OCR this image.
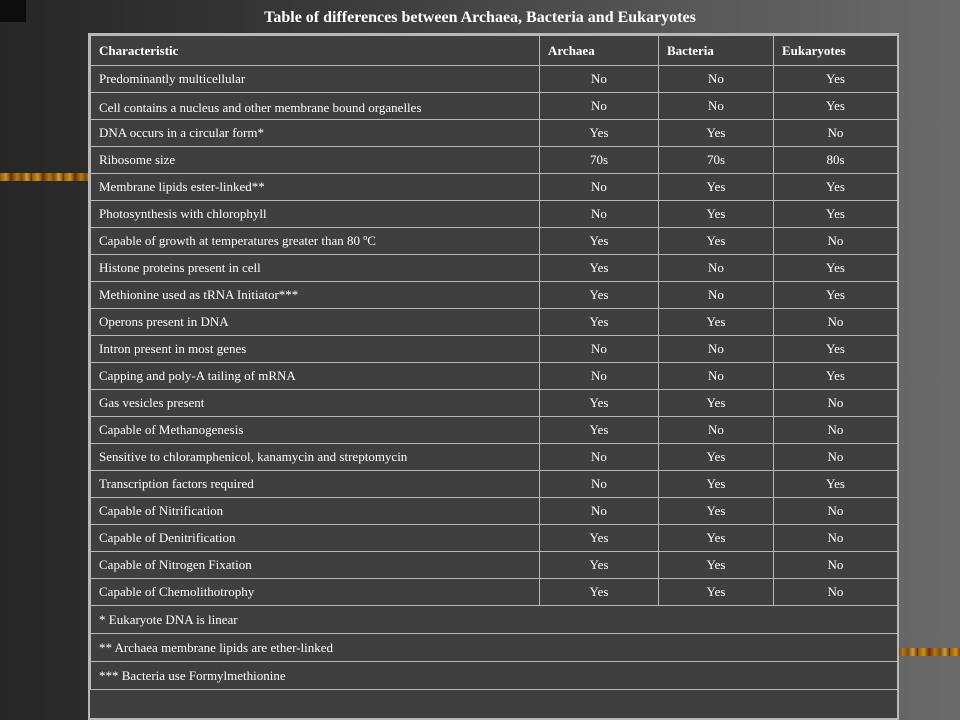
Table of differences between Archaea, Bacteria and Eukaryotes
Characteristic	Archaea	Bacteria	Eukaryotes
Predominantly multicellular	No	No	Yes
Cell contains a nucleus and other membrane bound organelles	No	No	Yes
DNA occurs in a circular form*	Yes	Yes	No
Ribosome size	70s	70s	80s
Membrane lipids ester-linked**	No	Yes	Yes
Photosynthesis with chlorophyll	No	Yes	Yes
Capable of growth at temperatures greater than 80 ºC	Yes	Yes	No
Histone proteins present in cell	Yes	No	Yes
Methionine used as tRNA Initiator***	Yes	No	Yes
Operons present in DNA	Yes	Yes	No
Intron present in most genes	No	No	Yes
Capping and poly-A tailing of mRNA	No	No	Yes
Gas vesicles present	Yes	Yes	No
Capable of Methanogenesis	Yes	No	No
Sensitive to chloramphenicol, kanamycin and streptomycin	No	Yes	No
Transcription factors required	No	Yes	Yes
Capable of Nitrification	No	Yes	No
Capable of Denitrification	Yes	Yes	No
Capable of Nitrogen Fixation	Yes	Yes	No
Capable of Chemolithotrophy	Yes	Yes	No
* Eukaryote DNA is linear			
** Archaea membrane lipids are ether-linked			
*** Bacteria use Formylmethionine			
